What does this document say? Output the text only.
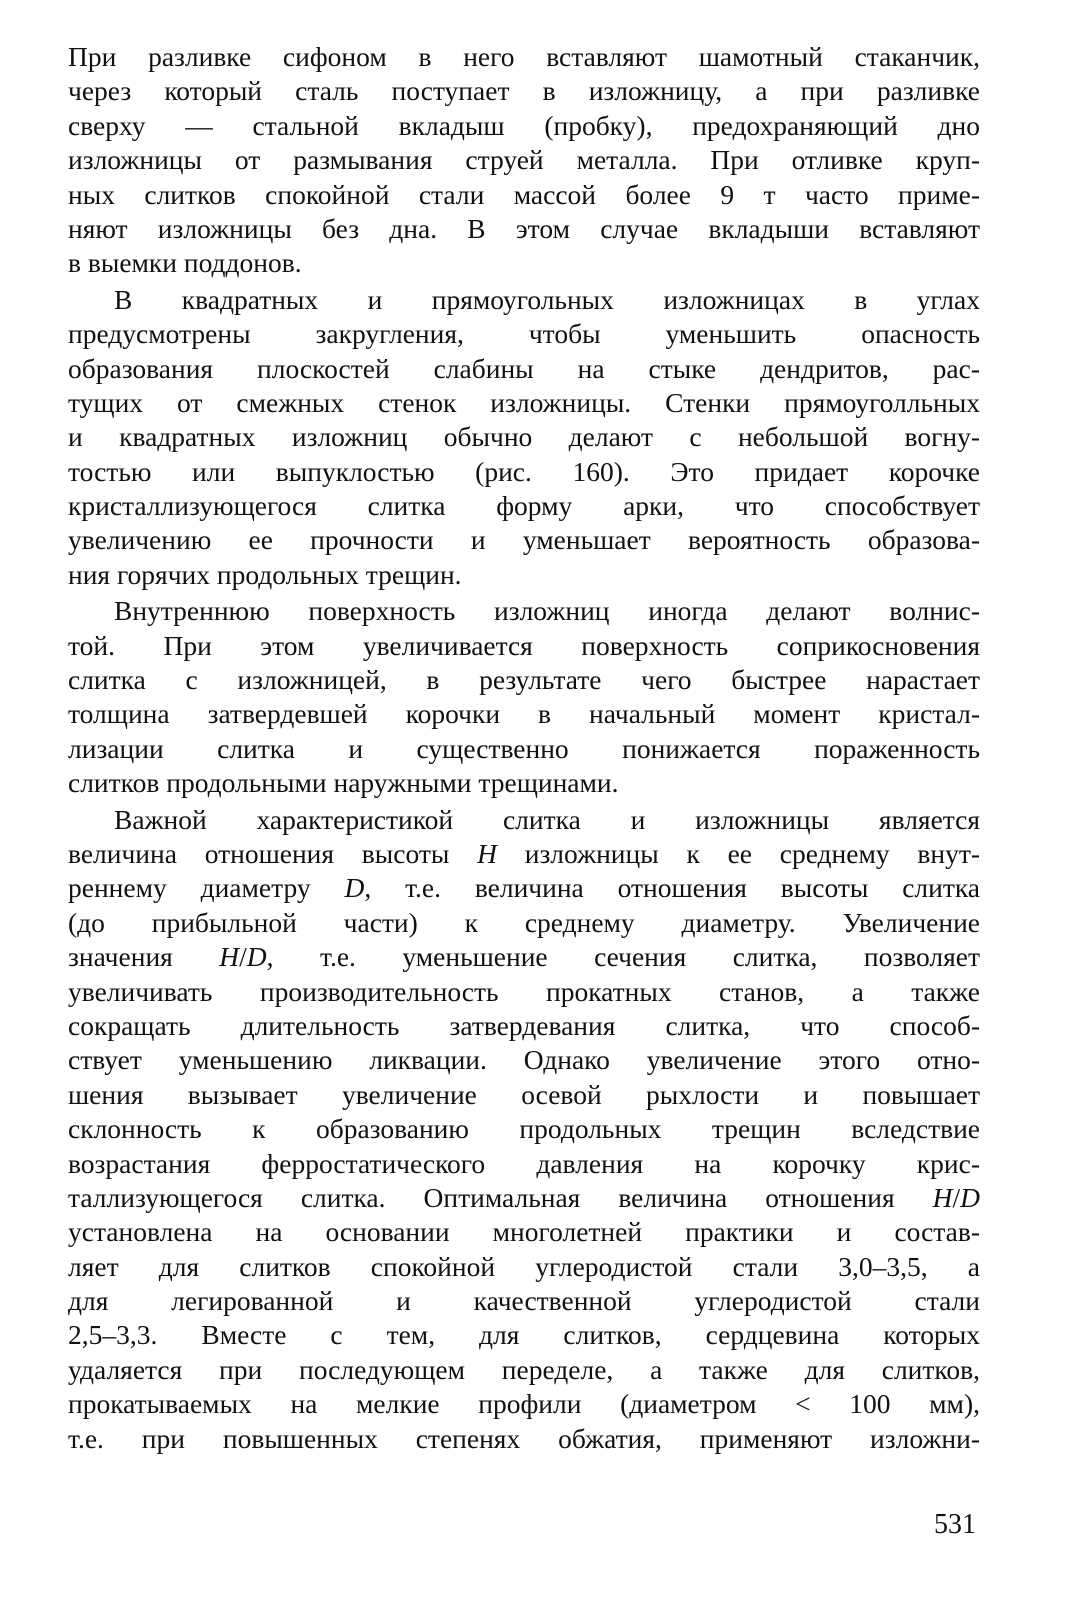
При разливке сифоном в него вставляют шамотный стаканчик,
через который сталь поступает в изложницу, а при разливке
сверху — стальной вкладыш (пробку), предохраняющий дно
изложницы от размывания струей металла. При отливке круп-
ных слитков спокойной стали массой более 9 т часто приме-
няют изложницы без дна. В этом случае вкладыши вставляют
в выемки поддонов.
В квадратных и прямоугольных изложницах в углах
предусмотрены закругления, чтобы уменьшить опасность
образования плоскостей слабины на стыке дендритов, рас-
тущих от смежных стенок изложницы. Стенки прямоуголльных
и квадратных изложниц обычно делают с небольшой вогну-
тостью или выпуклостью (рис. 160). Это придает корочке
кристаллизующегося слитка форму арки, что способствует
увеличению ее прочности и уменьшает вероятность образова-
ния горячих продольных трещин.
Внутреннюю поверхность изложниц иногда делают волнис-
той. При этом увеличивается поверхность соприкосновения
слитка с изложницей, в результате чего быстрее нарастает
толщина затвердевшей корочки в начальный момент кристал-
лизации слитка и существенно понижается пораженность
слитков продольными наружными трещинами.
Важной характеристикой слитка и изложницы является
величина отношения высоты H изложницы к ее среднему внут-
реннему диаметру D, т.е. величина отношения высоты слитка
(до прибыльной части) к среднему диаметру. Увеличение
значения H/D, т.е. уменьшение сечения слитка, позволяет
увеличивать производительность прокатных станов, а также
сокращать длительность затвердевания слитка, что способ-
ствует уменьшению ликвации. Однако увеличение этого отно-
шения вызывает увеличение осевой рыхлости и повышает
склонность к образованию продольных трещин вследствие
возрастания ферростатического давления на корочку крис-
таллизующегося слитка. Оптимальная величина отношения H/D
установлена на основании многолетней практики и состав-
ляет для слитков спокойной углеродистой стали 3,0–3,5, а
для легированной и качественной углеродистой стали
2,5–3,3. Вместе с тем, для слитков, сердцевина которых
удаляется при последующем переделе, а также для слитков,
прокатываемых на мелкие профили (диаметром < 100 мм),
т.е. при повышенных степенях обжатия, применяют изложни-
531
